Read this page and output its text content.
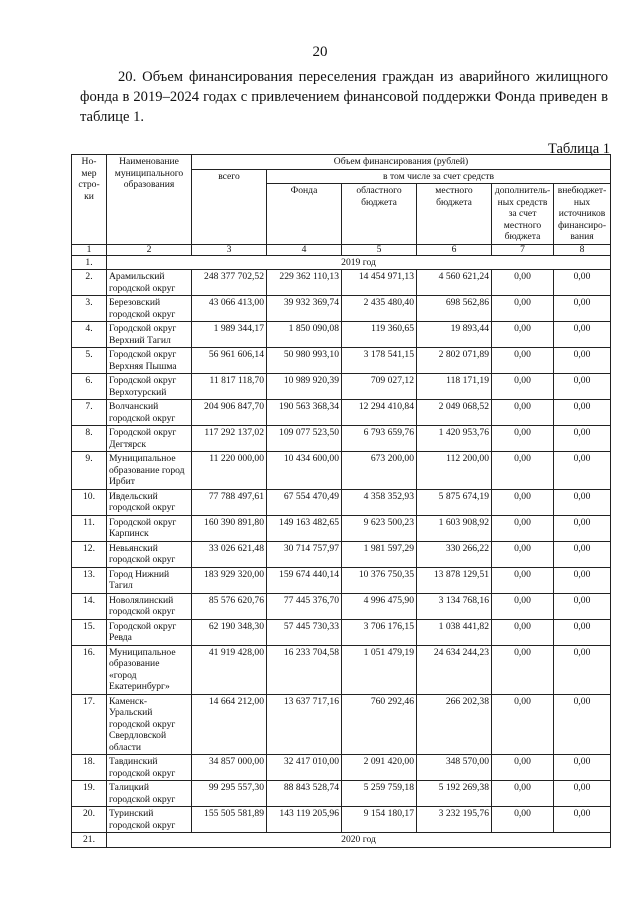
20

20. Объем финансирования переселения граждан из аварийного жилищного фонда в 2019–2024 годах с привлечением финансовой поддержки Фонда приведен в таблице 1.

Таблица 1
Но-мер стро-ки	Наименование муниципального образования	Объем финансирования (рублей)					
		всего	в том числе за счет средств				
			Фонда	областного бюджета	местного бюджета	дополнитель-ных средств за счет местного бюджета	внебюджет-ных источников финансиро-вания
1	2	3	4	5	6	7	8
1.	2019 год						
2.	Арамильский городской округ	248 377 702,52	229 362 110,13	14 454 971,13	4 560 621,24	0,00	0,00
3.	Березовский городской округ	43 066 413,00	39 932 369,74	2 435 480,40	698 562,86	0,00	0,00
4.	Городской округ Верхний Тагил	1 989 344,17	1 850 090,08	119 360,65	19 893,44	0,00	0,00
5.	Городской округ Верхняя Пышма	56 961 606,14	50 980 993,10	3 178 541,15	2 802 071,89	0,00	0,00
6.	Городской округ Верхотурский	11 817 118,70	10 989 920,39	709 027,12	118 171,19	0,00	0,00
7.	Волчанский городской округ	204 906 847,70	190 563 368,34	12 294 410,84	2 049 068,52	0,00	0,00
8.	Городской округ Дегтярск	117 292 137,02	109 077 523,50	6 793 659,76	1 420 953,76	0,00	0,00
9.	Муниципальное образование город Ирбит	11 220 000,00	10 434 600,00	673 200,00	112 200,00	0,00	0,00
10.	Ивдельский городской округ	77 788 497,61	67 554 470,49	4 358 352,93	5 875 674,19	0,00	0,00
11.	Городской округ Карпинск	160 390 891,80	149 163 482,65	9 623 500,23	1 603 908,92	0,00	0,00
12.	Невьянский городской округ	33 026 621,48	30 714 757,97	1 981 597,29	330 266,22	0,00	0,00
13.	Город Нижний Тагил	183 929 320,00	159 674 440,14	10 376 750,35	13 878 129,51	0,00	0,00
14.	Новолялинский городской округ	85 576 620,76	77 445 376,70	4 996 475,90	3 134 768,16	0,00	0,00
15.	Городской округ Ревда	62 190 348,30	57 445 730,33	3 706 176,15	1 038 441,82	0,00	0,00
16.	Муниципальное образование «город Екатеринбург»	41 919 428,00	16 233 704,58	1 051 479,19	24 634 244,23	0,00	0,00
17.	Каменск-Уральский городской округ Свердловской области	14 664 212,00	13 637 717,16	760 292,46	266 202,38	0,00	0,00
18.	Тавдинский городской округ	34 857 000,00	32 417 010,00	2 091 420,00	348 570,00	0,00	0,00
19.	Талицкий городской округ	99 295 557,30	88 843 528,74	5 259 759,18	5 192 269,38	0,00	0,00
20.	Туринский городской округ	155 505 581,89	143 119 205,96	9 154 180,17	3 232 195,76	0,00	0,00
21.	2020 год						
